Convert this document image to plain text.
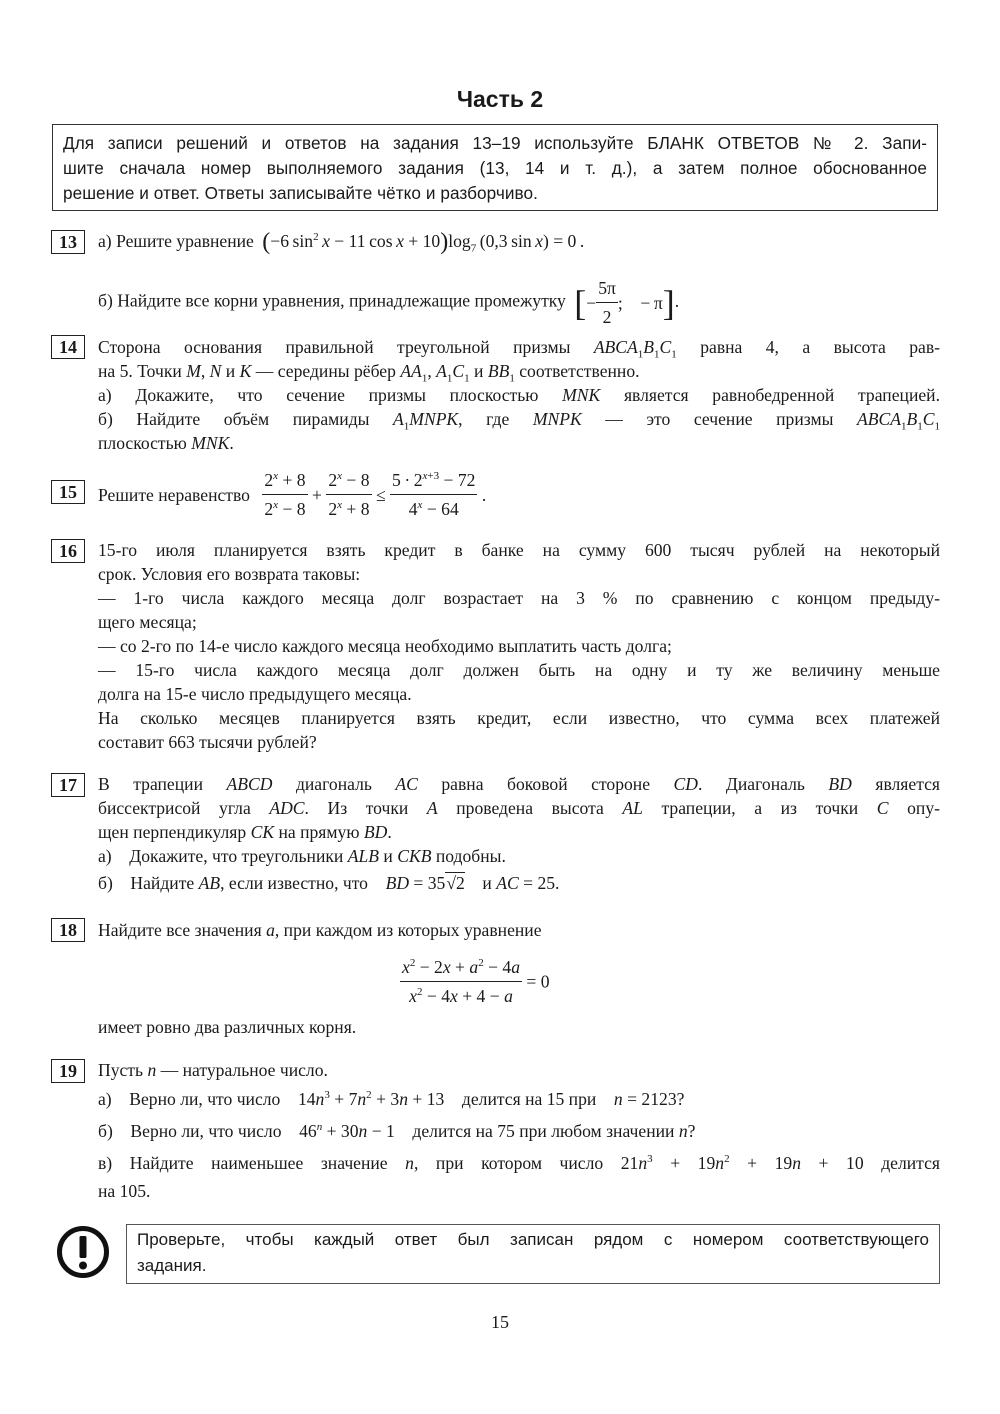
Часть 2
Для записи решений и ответов на задания 13–19 используйте БЛАНК ОТВЕТОВ № 2. Запи-
шите сначала номер выполняемого задания (13, 14 и т. д.), а затем полное обоснованное
решение и ответ. Ответы записывайте чётко и разборчиво.
13	а) Решите уравнение (−6 $\sin^2 x - 11$ $\cos x + 10)\log_7$ (0,3 sin x) = 0 .
б) Найдите все корни уравнения, принадлежащие промежутку [− $\frac{5\pi}{2}$ ; − π].
14	Сторона основания правильной треугольной призмы $ABCA_1B_1C_1$ равна 4, а высота рав-
на 5. Точки M, N и K — середины рёбер $AA_1$, $A_1C_1$ и $BB_1$ соответственно.
а) Докажите, что сечение призмы плоскостью MNK является равнобедренной трапецией.
б) Найдите объём пирамиды $A_1MNPK$, где MNPK — это сечение призмы $ABCA_1B_1C_1$
плоскостью MNK.
15	Решите неравенство $\frac{2^x + 8}{2^x - 8} + \frac{2^x - 8}{2^x + 8} \le \frac{5 \cdot 2^{x+3} - 72}{4^x - 64}$ .
16	15-го июля планируется взять кредит в банке на сумму 600 тысяч рублей на некоторый
срок. Условия его возврата таковы:
— 1-го числа каждого месяца долг возрастает на 3 % по сравнению с концом предыду-
щего месяца;
— со 2-го по 14-е число каждого месяца необходимо выплатить часть долга;
— 15-го числа каждого месяца долг должен быть на одну и ту же величину меньше
долга на 15-е число предыдущего месяца.
На сколько месяцев планируется взять кредит, если известно, что сумма всех платежей
составит 663 тысячи рублей?
17	В трапеции ABCD диагональ AC равна боковой стороне CD. Диагональ BD является
биссектрисой угла ADC. Из точки A проведена высота AL трапеции, а из точки C опу-
щен перпендикуляр CK на прямую BD.
а) Докажите, что треугольники ALB и CKB подобны.
б) Найдите AB, если известно, что BD = 35√2 и AC = 25.
18	Найдите все значения a, при каждом из которых уравнение
$\frac{x^2 - 2x + a^2 - 4a}{x^2 - 4x + 4 - a} = 0$
имеет ровно два различных корня.
19	Пусть n — натуральное число.
а) Верно ли, что число $14n^3 + 7n^2 + 3n + 13$ делится на 15 при n = 2123?
б) Верно ли, что число $46^n + 30n - 1$ делится на 75 при любом значении n?
в) Найдите наименьшее значение n, при котором число $21n^3 + 19n^2 + 19n + 10$ делится
на 105.
Проверьте, чтобы каждый ответ был записан рядом с номером соответствующего
задания.
15
